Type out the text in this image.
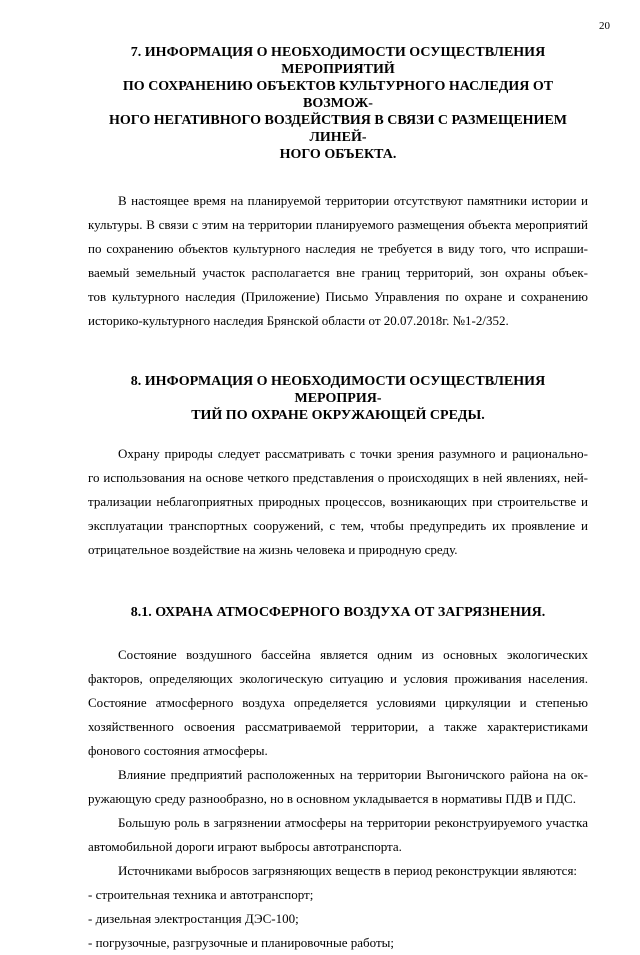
20
7. ИНФОРМАЦИЯ О НЕОБХОДИМОСТИ ОСУЩЕСТВЛЕНИЯ МЕРОПРИЯТИЙ
ПО СОХРАНЕНИЮ ОБЪЕКТОВ КУЛЬТУРНОГО НАСЛЕДИЯ ОТ ВОЗМОЖ-
НОГО НЕГАТИВНОГО ВОЗДЕЙСТВИЯ В СВЯЗИ С РАЗМЕЩЕНИЕМ ЛИНЕЙ-
НОГО ОБЪЕКТА.
В настоящее время на планируемой территории отсутствуют памятники истории и
культуры. В связи с этим на территории планируемого размещения объекта мероприятий
по сохранению объектов культурного наследия не требуется в виду того, что испраши-
ваемый земельный участок располагается вне границ территорий, зон охраны объек-
тов культурного наследия (Приложение) Письмо Управления по охране и сохранению
историко-культурного наследия Брянской области от 20.07.2018г. №1-2/352.
8. ИНФОРМАЦИЯ О НЕОБХОДИМОСТИ ОСУЩЕСТВЛЕНИЯ МЕРОПРИЯ-
ТИЙ ПО ОХРАНЕ ОКРУЖАЮЩЕЙ СРЕДЫ.
Охрану природы следует рассматривать с точки зрения разумного и рационально-
го использования на основе четкого представления о происходящих в ней явлениях, ней-
трализации неблагоприятных природных процессов, возникающих при строительстве и
эксплуатации транспортных сооружений, с тем, чтобы предупредить их проявление и
отрицательное воздействие на жизнь человека и природную среду.
8.1. ОХРАНА АТМОСФЕРНОГО ВОЗДУХА ОТ ЗАГРЯЗНЕНИЯ.
Состояние воздушного бассейна является одним из основных экологических
факторов, определяющих экологическую ситуацию и условия проживания населения.
Состояние атмосферного воздуха определяется условиями циркуляции и степенью
хозяйственного освоения рассматриваемой территории, а также характеристиками
фонового состояния атмосферы.
Влияние предприятий расположенных на территории Выгоничского района на ок-
ружающую среду разнообразно, но в основном укладывается в нормативы ПДВ и ПДС.
Большую роль в загрязнении атмосферы на территории реконструируемого участка
автомобильной дороги играют выбросы автотранспорта.
Источниками выбросов загрязняющих веществ в период реконструкции являются:
- строительная техника и автотранспорт;
- дизельная электростанция ДЭС-100;
- погрузочные, разгрузочные и планировочные работы;
